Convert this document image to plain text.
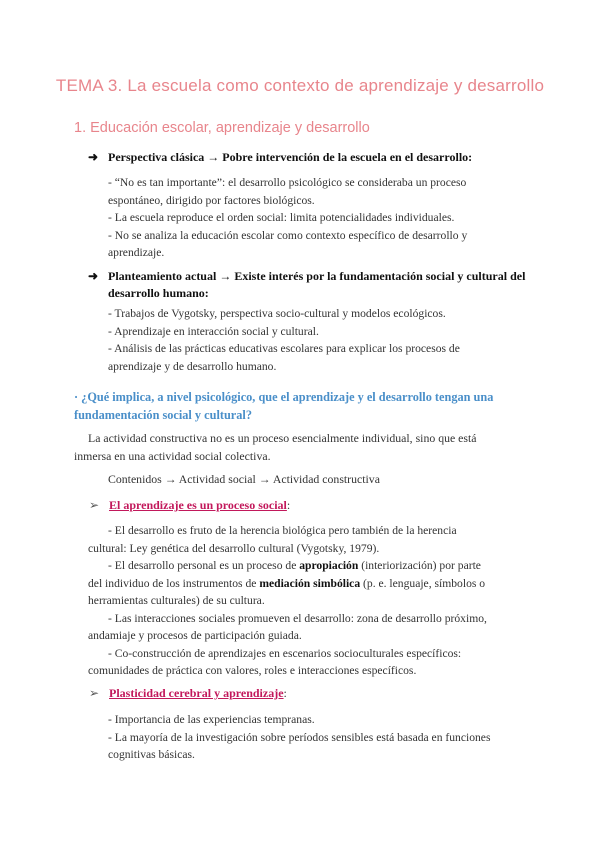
TEMA 3. La escuela como contexto de aprendizaje y desarrollo
1. Educación escolar, aprendizaje y desarrollo
➜ Perspectiva clásica → Pobre intervención de la escuela en el desarrollo:

- “No es tan importante”: el desarrollo psicológico se consideraba un proceso

espontáneo, dirigido por factores biológicos.

- La escuela reproduce el orden social: limita potencialidades individuales.

- No se analiza la educación escolar como contexto específico de desarrollo y

aprendizaje.

➜ Planteamiento actual → Existe interés por la fundamentación social y cultural del
desarrollo humano:

- Trabajos de Vygotsky, perspectiva socio-cultural y modelos ecológicos.

- Aprendizaje en interacción social y cultural.

- Análisis de las prácticas educativas escolares para explicar los procesos de

aprendizaje y de desarrollo humano.

· ¿Qué implica, a nivel psicológico, que el aprendizaje y el desarrollo tengan una
fundamentación social y cultural?

La actividad constructiva no es un proceso esencialmente individual, sino que está

inmersa en una actividad social colectiva.

Contenidos → Actividad social → Actividad constructiva
➢ El aprendizaje es un proceso social:

- El desarrollo es fruto de la herencia biológica pero también de la herencia

cultural: Ley genética del desarrollo cultural (Vygotsky, 1979).

- El desarrollo personal es un proceso de apropiación (interiorización) por parte

del individuo de los instrumentos de mediación simbólica (p. e. lenguaje, símbolos o

herramientas culturales) de su cultura.

- Las interacciones sociales promueven el desarrollo: zona de desarrollo próximo,

andamiaje y procesos de participación guiada.

- Co-construcción de aprendizajes en escenarios socioculturales específicos:

comunidades de práctica con valores, roles e interacciones específicos.

➢ Plasticidad cerebral y aprendizaje:

- Importancia de las experiencias tempranas.

- La mayoría de la investigación sobre períodos sensibles está basada en funciones

cognitivas básicas.
